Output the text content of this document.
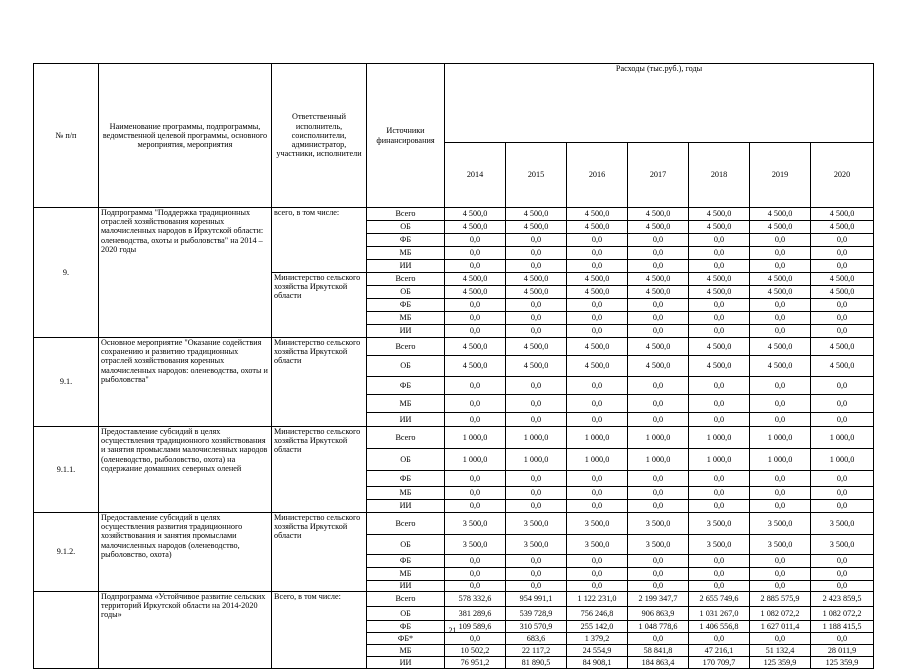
№ п/п	Наименование программы, подпрограммы, ведомственной целевой программы, основного мероприятия, мероприятия	Ответственный исполнитель, соисполнители, администратор, участники, исполнители	Источники финансирования	Расходы (тыс.руб.), годы						
				2014	2015	2016	2017	2018	2019	2020
9.	Подпрограмма "Поддержка традиционных отраслей хозяйствования коренных малочисленных народов в Иркутской области: оленеводства, охоты и рыболовства" на 2014 – 2020 годы	всего, в том числе:	Всего	4 500,0	4 500,0	4 500,0	4 500,0	4 500,0	4 500,0	4 500,0
			ОБ	4 500,0	4 500,0	4 500,0	4 500,0	4 500,0	4 500,0	4 500,0
			ФБ	0,0	0,0	0,0	0,0	0,0	0,0	0,0
			МБ	0,0	0,0	0,0	0,0	0,0	0,0	0,0
			ИИ	0,0	0,0	0,0	0,0	0,0	0,0	0,0
		Министерство сельского хозяйства Иркутской области	Всего	4 500,0	4 500,0	4 500,0	4 500,0	4 500,0	4 500,0	4 500,0
			ОБ	4 500,0	4 500,0	4 500,0	4 500,0	4 500,0	4 500,0	4 500,0
			ФБ	0,0	0,0	0,0	0,0	0,0	0,0	0,0
			МБ	0,0	0,0	0,0	0,0	0,0	0,0	0,0
			ИИ	0,0	0,0	0,0	0,0	0,0	0,0	0,0
9.1.	Основное мероприятие "Оказание содействия сохранению и развитию традиционных отраслей хозяйствования коренных малочисленных народов: оленеводства, охоты и рыболовства"	Министерство сельского хозяйства Иркутской области	Всего	4 500,0	4 500,0	4 500,0	4 500,0	4 500,0	4 500,0	4 500,0
			ОБ	4 500,0	4 500,0	4 500,0	4 500,0	4 500,0	4 500,0	4 500,0
			ФБ	0,0	0,0	0,0	0,0	0,0	0,0	0,0
			МБ	0,0	0,0	0,0	0,0	0,0	0,0	0,0
			ИИ	0,0	0,0	0,0	0,0	0,0	0,0	0,0
9.1.1.	Предоставление субсидий в целях осуществления традиционного хозяйствования и занятия промыслами малочисленных народов (оленеводство, рыболовство, охота) на содержание домашних северных оленей	Министерство сельского хозяйства Иркутской области	Всего	1 000,0	1 000,0	1 000,0	1 000,0	1 000,0	1 000,0	1 000,0
			ОБ	1 000,0	1 000,0	1 000,0	1 000,0	1 000,0	1 000,0	1 000,0
			ФБ	0,0	0,0	0,0	0,0	0,0	0,0	0,0
			МБ	0,0	0,0	0,0	0,0	0,0	0,0	0,0
			ИИ	0,0	0,0	0,0	0,0	0,0	0,0	0,0
9.1.2.	Предоставление субсидий в целях осуществления развития традиционного хозяйствования и занятия промыслами малочисленных народов (оленеводство, рыболовство, охота)	Министерство сельского хозяйства Иркутской области	Всего	3 500,0	3 500,0	3 500,0	3 500,0	3 500,0	3 500,0	3 500,0
			ОБ	3 500,0	3 500,0	3 500,0	3 500,0	3 500,0	3 500,0	3 500,0
			ФБ	0,0	0,0	0,0	0,0	0,0	0,0	0,0
			МБ	0,0	0,0	0,0	0,0	0,0	0,0	0,0
			ИИ	0,0	0,0	0,0	0,0	0,0	0,0	0,0
	Подпрограмма «Устойчивое развитие сельских территорий Иркутской области на 2014-2020 годы»	Всего, в том числе:	Всего	578 332,6	954 991,1	1 122 231,0	2 199 347,7	2 655 749,6	2 885 575,9	2 423 859,5
			ОБ	381 289,6	539 728,9	756 246,8	906 863,9	1 031 267,0	1 082 072,2	1 082 072,2
			ФБ	109 589,6	310 570,9	255 142,0	1 048 778,6	1 406 556,8	1 627 011,4	1 188 415,5
			ФБ*	0,0	683,6	1 379,2	0,0	0,0	0,0	0,0
			МБ	10 502,2	22 117,2	24 554,9	58 841,8	47 216,1	51 132,4	28 011,9
			ИИ	76 951,2	81 890,5	84 908,1	184 863,4	170 709,7	125 359,9	125 359,9
21
